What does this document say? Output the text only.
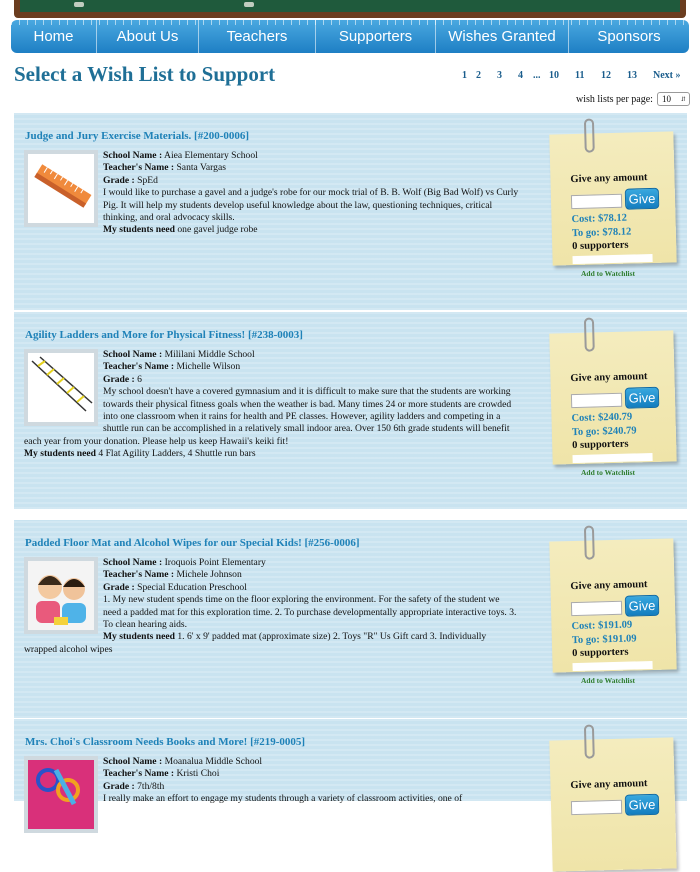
Home	About Us	Teachers	Supporters	Wishes Granted	Sponsors
Select a Wish List to Support	1 2 3 4 ... 10 11 12 13 Next »
wish lists per page: 10 ⇵
Judge and Jury Exercise Materials. [#200-0006]
School Name : Aiea Elementary School
Teacher's Name : Santa Vargas
Grade : SpEd
I would like to purchase a gavel and a judge's robe for our mock trial of B. B. Wolf (Big Bad Wolf) vs Curly Pig. It will help my students develop useful knowledge about the law, questioning techniques, critical thinking, and oral advocacy skills.
My students need one gavel judge robe
Give any amount
Give
Cost: $78.12
To go: $78.12
0 supporters
Add to Watchlist
Agility Ladders and More for Physical Fitness! [#238-0003]
School Name : Mililani Middle School
Teacher's Name : Michelle Wilson
Grade : 6
My school doesn't have a covered gymnasium and it is difficult to make sure that the students are working towards their physical fitness goals when the weather is bad. Many times 24 or more students are crowded into one classroom when it rains for health and PE classes. However, agility ladders and competing in a shuttle run can be accomplished in a relatively small indoor area. Over 150 6th grade students will benefit each year from your donation. Please help us keep Hawaii's keiki fit!
My students need 4 Flat Agility Ladders, 4 Shuttle run bars
Give any amount
Give
Cost: $240.79
To go: $240.79
0 supporters
Add to Watchlist
Padded Floor Mat and Alcohol Wipes for our Special Kids! [#256-0006]
School Name : Iroquois Point Elementary
Teacher's Name : Michele Johnson
Grade : Special Education Preschool
1. My new student spends time on the floor exploring the environment. For the safety of the student we need a padded mat for this exploration time. 2. To purchase developmentally appropriate interactive toys. 3. To clean hearing aids.
My students need 1. 6' x 9' padded mat (approximate size) 2. Toys "R" Us Gift card 3. Individually wrapped alcohol wipes
Give any amount
Give
Cost: $191.09
To go: $191.09
0 supporters
Add to Watchlist
Mrs. Choi's Classroom Needs Books and More! [#219-0005]
School Name : Moanalua Middle School
Teacher's Name : Kristi Choi
Grade : 7th/8th
I really make an effort to engage my students through a variety of classroom activities, one of
Give any amount
Give
